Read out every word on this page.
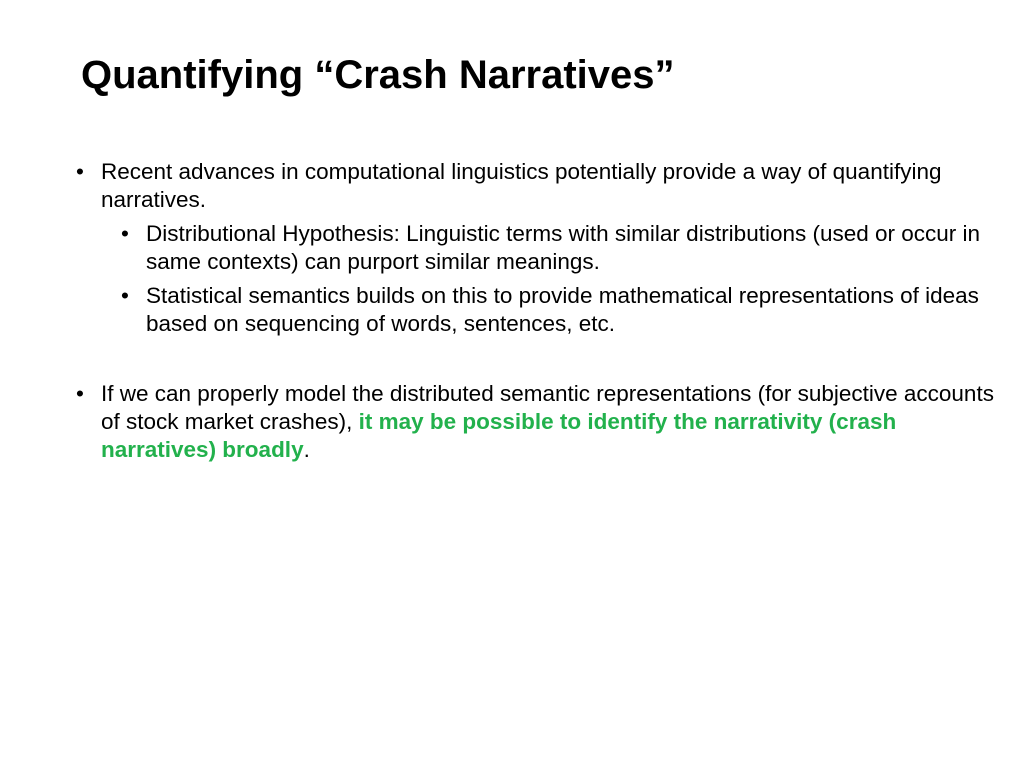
Quantifying “Crash Narratives”
• Recent advances in computational linguistics potentially provide a way of quantifying narratives.
• Distributional Hypothesis: Linguistic terms with similar distributions (used or occur in same contexts) can purport similar meanings.
• Statistical semantics builds on this to provide mathematical representations of ideas based on sequencing of words, sentences, etc.
• If we can properly model the distributed semantic representations (for subjective accounts of stock market crashes), it may be possible to identify the narrativity (crash narratives) broadly.
